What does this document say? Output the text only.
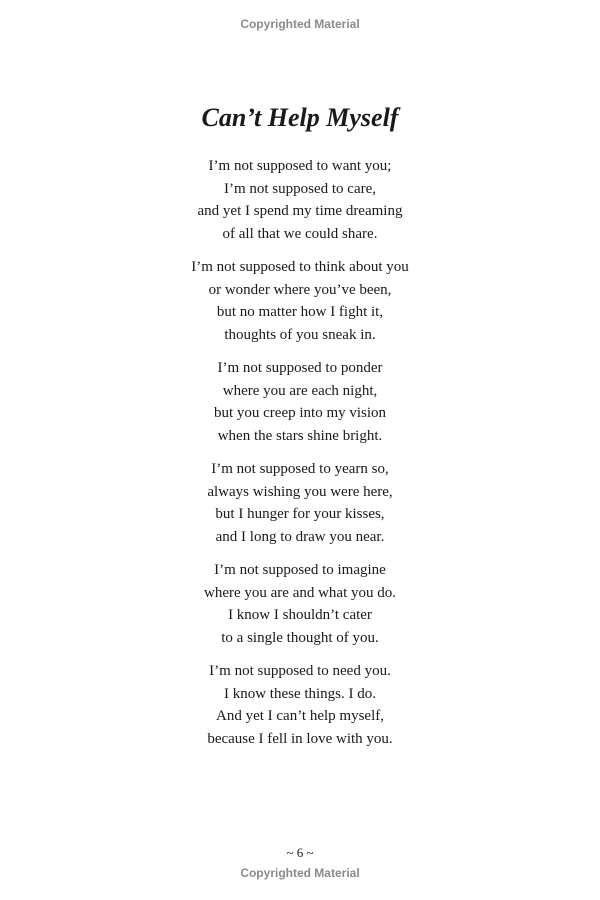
Copyrighted Material
Can’t Help Myself
I’m not supposed to want you;
I’m not supposed to care,
and yet I spend my time dreaming
of all that we could share.
I’m not supposed to think about you
or wonder where you’ve been,
but no matter how I fight it,
thoughts of you sneak in.
I’m not supposed to ponder
where you are each night,
but you creep into my vision
when the stars shine bright.
I’m not supposed to yearn so,
always wishing you were here,
but I hunger for your kisses,
and I long to draw you near.
I’m not supposed to imagine
where you are and what you do.
I know I shouldn’t cater
to a single thought of you.
I’m not supposed to need you.
I know these things. I do.
And yet I can’t help myself,
because I fell in love with you.
~ 6 ~
Copyrighted Material
